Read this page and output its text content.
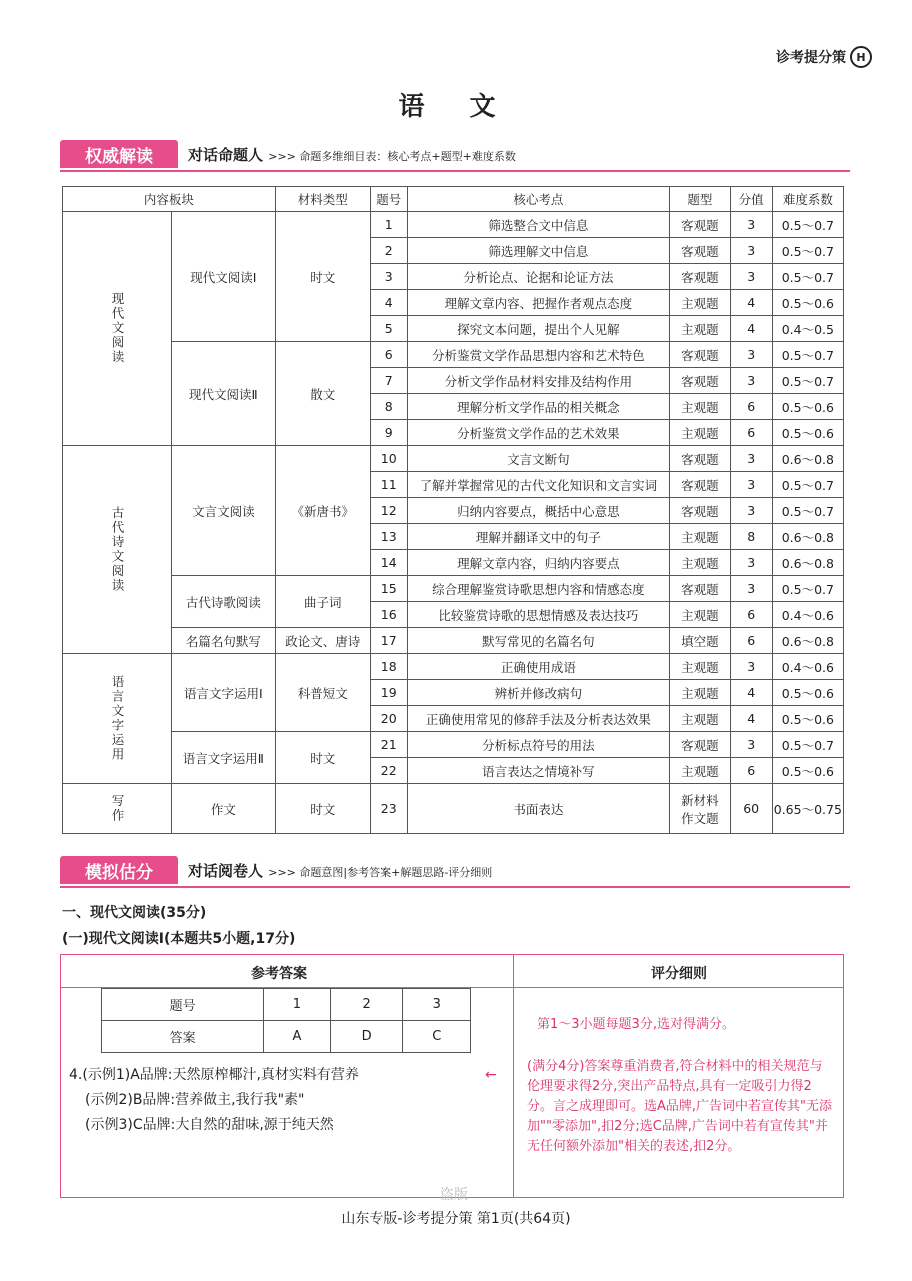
诊考提分策 H
语 文
权威解读	对话命题人 >>> 命题多维细目表：核心考点+题型+难度系数
内容板块		材料类型	题号	核心考点	题型	分值	难度系数
现代文阅读	现代文阅读Ⅰ	时文	1	筛选整合文中信息	客观题	3	0.5～0.7
			2	筛选理解文中信息	客观题	3	0.5～0.7
			3	分析论点、论据和论证方法	客观题	3	0.5～0.7
			4	理解文章内容、把握作者观点态度	主观题	4	0.5～0.6
			5	探究文本问题，提出个人见解	主观题	4	0.4～0.5
	现代文阅读Ⅱ	散文	6	分析鉴赏文学作品思想内容和艺术特色	客观题	3	0.5～0.7
			7	分析文学作品材料安排及结构作用	客观题	3	0.5～0.7
			8	理解分析文学作品的相关概念	主观题	6	0.5～0.6
			9	分析鉴赏文学作品的艺术效果	主观题	6	0.5～0.6
古代诗文阅读	文言文阅读	《新唐书》	10	文言文断句	客观题	3	0.6～0.8
			11	了解并掌握常见的古代文化知识和文言实词	客观题	3	0.5～0.7
			12	归纳内容要点，概括中心意思	客观题	3	0.5～0.7
			13	理解并翻译文中的句子	主观题	8	0.6～0.8
			14	理解文章内容，归纳内容要点	主观题	3	0.6～0.8
	古代诗歌阅读	曲子词	15	综合理解鉴赏诗歌思想内容和情感态度	客观题	3	0.5～0.7
			16	比较鉴赏诗歌的思想情感及表达技巧	主观题	6	0.4～0.6
	名篇名句默写	政论文、唐诗	17	默写常见的名篇名句	填空题	6	0.6～0.8
语言文字运用	语言文字运用Ⅰ	科普短文	18	正确使用成语	主观题	3	0.4～0.6
			19	辨析并修改病句	主观题	4	0.5～0.6
			20	正确使用常见的修辞手法及分析表达效果	主观题	4	0.5～0.6
	语言文字运用Ⅱ	时文	21	分析标点符号的用法	客观题	3	0.5～0.7
			22	语言表达之情境补写	主观题	6	0.5～0.6
写作	作文	时文	23	书面表达	新材料作文题	60	0.65～0.75
模拟估分	对话阅卷人 >>> 命题意图|参考答案+解题思路-评分细则
一、现代文阅读(35分)
(一)现代文阅读Ⅰ(本题共5小题,17分)
参考答案	评分细则
题号	1	2	3
答案	A	D	C
4.(示例1)A品牌:天然原榨椰汁,真材实料有营养
(示例2)B品牌:营养做主,我行我"素"
(示例3)C品牌:大自然的甜味,源于纯天然
第1～3小题每题3分,选对得满分。
←
(满分4分)答案尊重消费者,符合材料中的相关规范与伦理要求得2分,突出产品特点,具有一定吸引力得2分。言之成理即可。选A品牌,广告词中若宣传其"无添加""零添加",扣2分;选C品牌,广告词中若有宣传其"并无任何额外添加"相关的表述,扣2分。
盗版
山东专版-诊考提分策 第1页(共64页)
